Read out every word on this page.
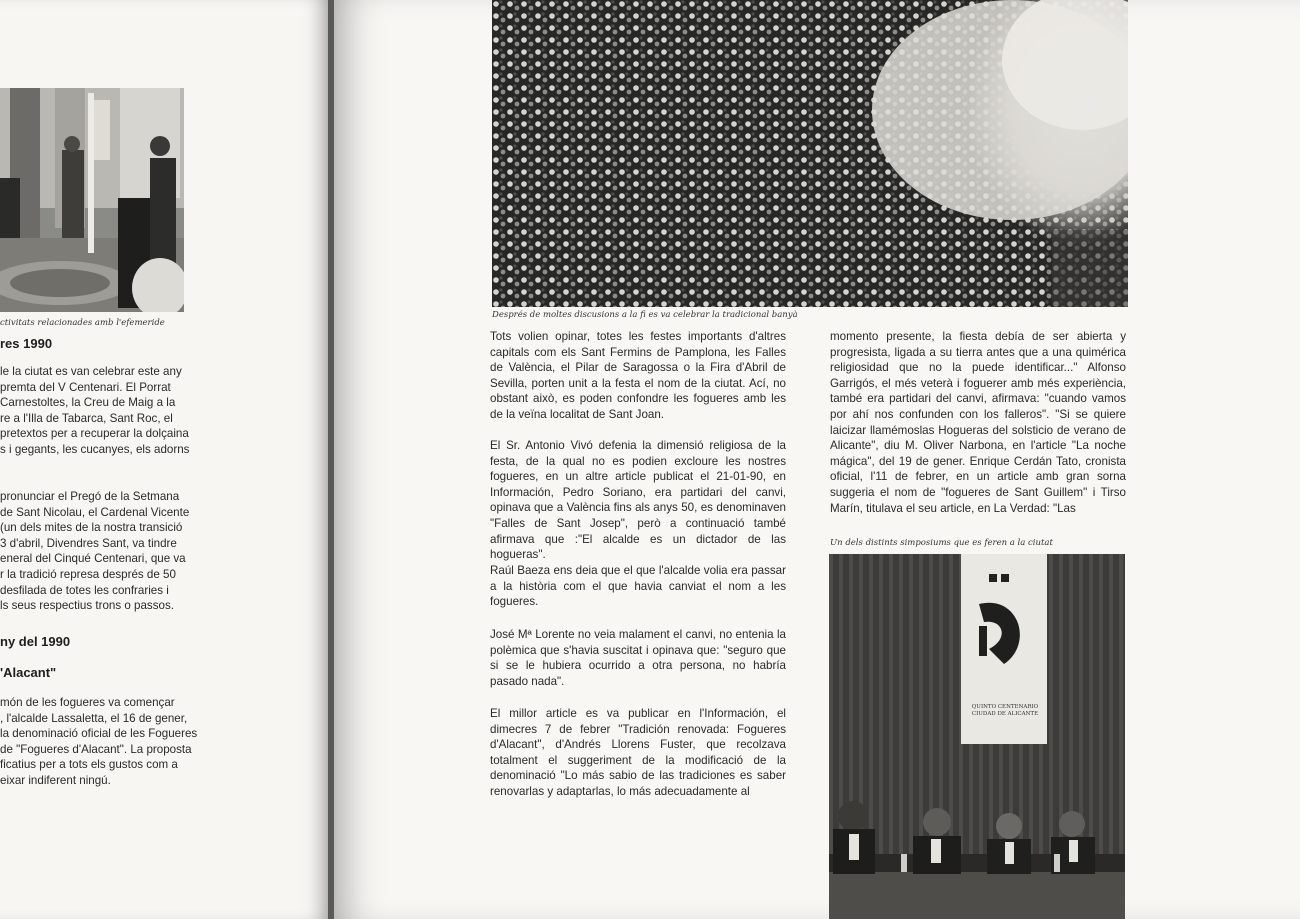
ctivitats relacionades amb l'efemeride
res 1990

le la ciutat es van celebrar este any
premta del V Centenari. El Porrat
Carnestoltes, la Creu de Maig a la
re a l'Illa de Tabarca, Sant Roc, el
pretextos per a recuperar la dolçaina
s i gegants, les cucanyes, els adorns

pronunciar el Pregó de la Setmana
de Sant Nicolau, el Cardenal Vicente
(un dels mites de la nostra transició
3 d'abril, Divendres Sant, va tindre
eneral del Cinqué Centenari, que va
r la tradició represa després de 50
desfilada de totes les confraries i
ls seus respectius trons o passos.

ny del 1990
'Alacant"

món de les fogueres va començar
, l'alcalde Lassaletta, el 16 de gener,
la denominació oficial de les Fogueres
de "Fogueres d'Alacant". La proposta
ficatius per a tots els gustos com a
eixar indiferent ningú.

Després de moltes discusions a la fi es va celebrar la tradicional banyà

Tots volien opinar, totes les festes importants d'altres capitals com els Sant Fermins de Pamplona, les Falles de València, el Pilar de Saragossa o la Fira d'Abril de Sevilla, porten unit a la festa el nom de la ciutat. Ací, no obstant això, es poden confondre les fogueres amb les de la veïna localitat de Sant Joan.

El Sr. Antonio Vivó defenia la dimensió religiosa de la festa, de la qual no es podien excloure les nostres fogueres, en un altre article publicat el 21-01-90, en Información, Pedro Soriano, era partidari del canvi, opinava que a València fins als anys 50, es denominaven "Falles de Sant Josep", però a continuació també afirmava que :"El alcalde es un dictador de las hogueras".

Raúl Baeza ens deia que el que l'alcalde volia era passar a la història com el que havia canviat el nom a les fogueres.

José Mª Lorente no veia malament el canvi, no entenia la polèmica que s'havia suscitat i opinava que: "seguro que si se le hubiera ocurrido a otra persona, no habría pasado nada".

El millor article es va publicar en l'Información, el dimecres 7 de febrer "Tradición renovada: Fogueres d'Alacant", d'Andrés Llorens Fuster, que recolzava totalment el suggeriment de la modificació de la denominació "Lo más sabio de las tradiciones es saber renovarlas y adaptarlas, lo más adecuadamente al

momento presente, la fiesta debía de ser abierta y progresista, ligada a su tierra antes que a una quimérica religiosidad que no la puede identificar..." Alfonso Garrigós, el més veterà i foguerer amb més experiència, també era partidari del canvi, afirmava: "cuando vamos por ahí nos confunden con los falleros". "Si se quiere laicizar llamémoslas Hogueras del solsticio de verano de Alicante", diu M. Oliver Narbona, en l'article "La noche mágica", del 19 de gener. Enrique Cerdán Tato, cronista oficial, l'11 de febrer, en un article amb gran sorna suggeria el nom de "fogueres de Sant Guillem" i Tirso Marín, titulava el seu article, en La Verdad: "Las

Un dels distints simposiums que es feren a la ciutat
QUINTO CENTENARIO
CIUDAD DE ALICANTE
